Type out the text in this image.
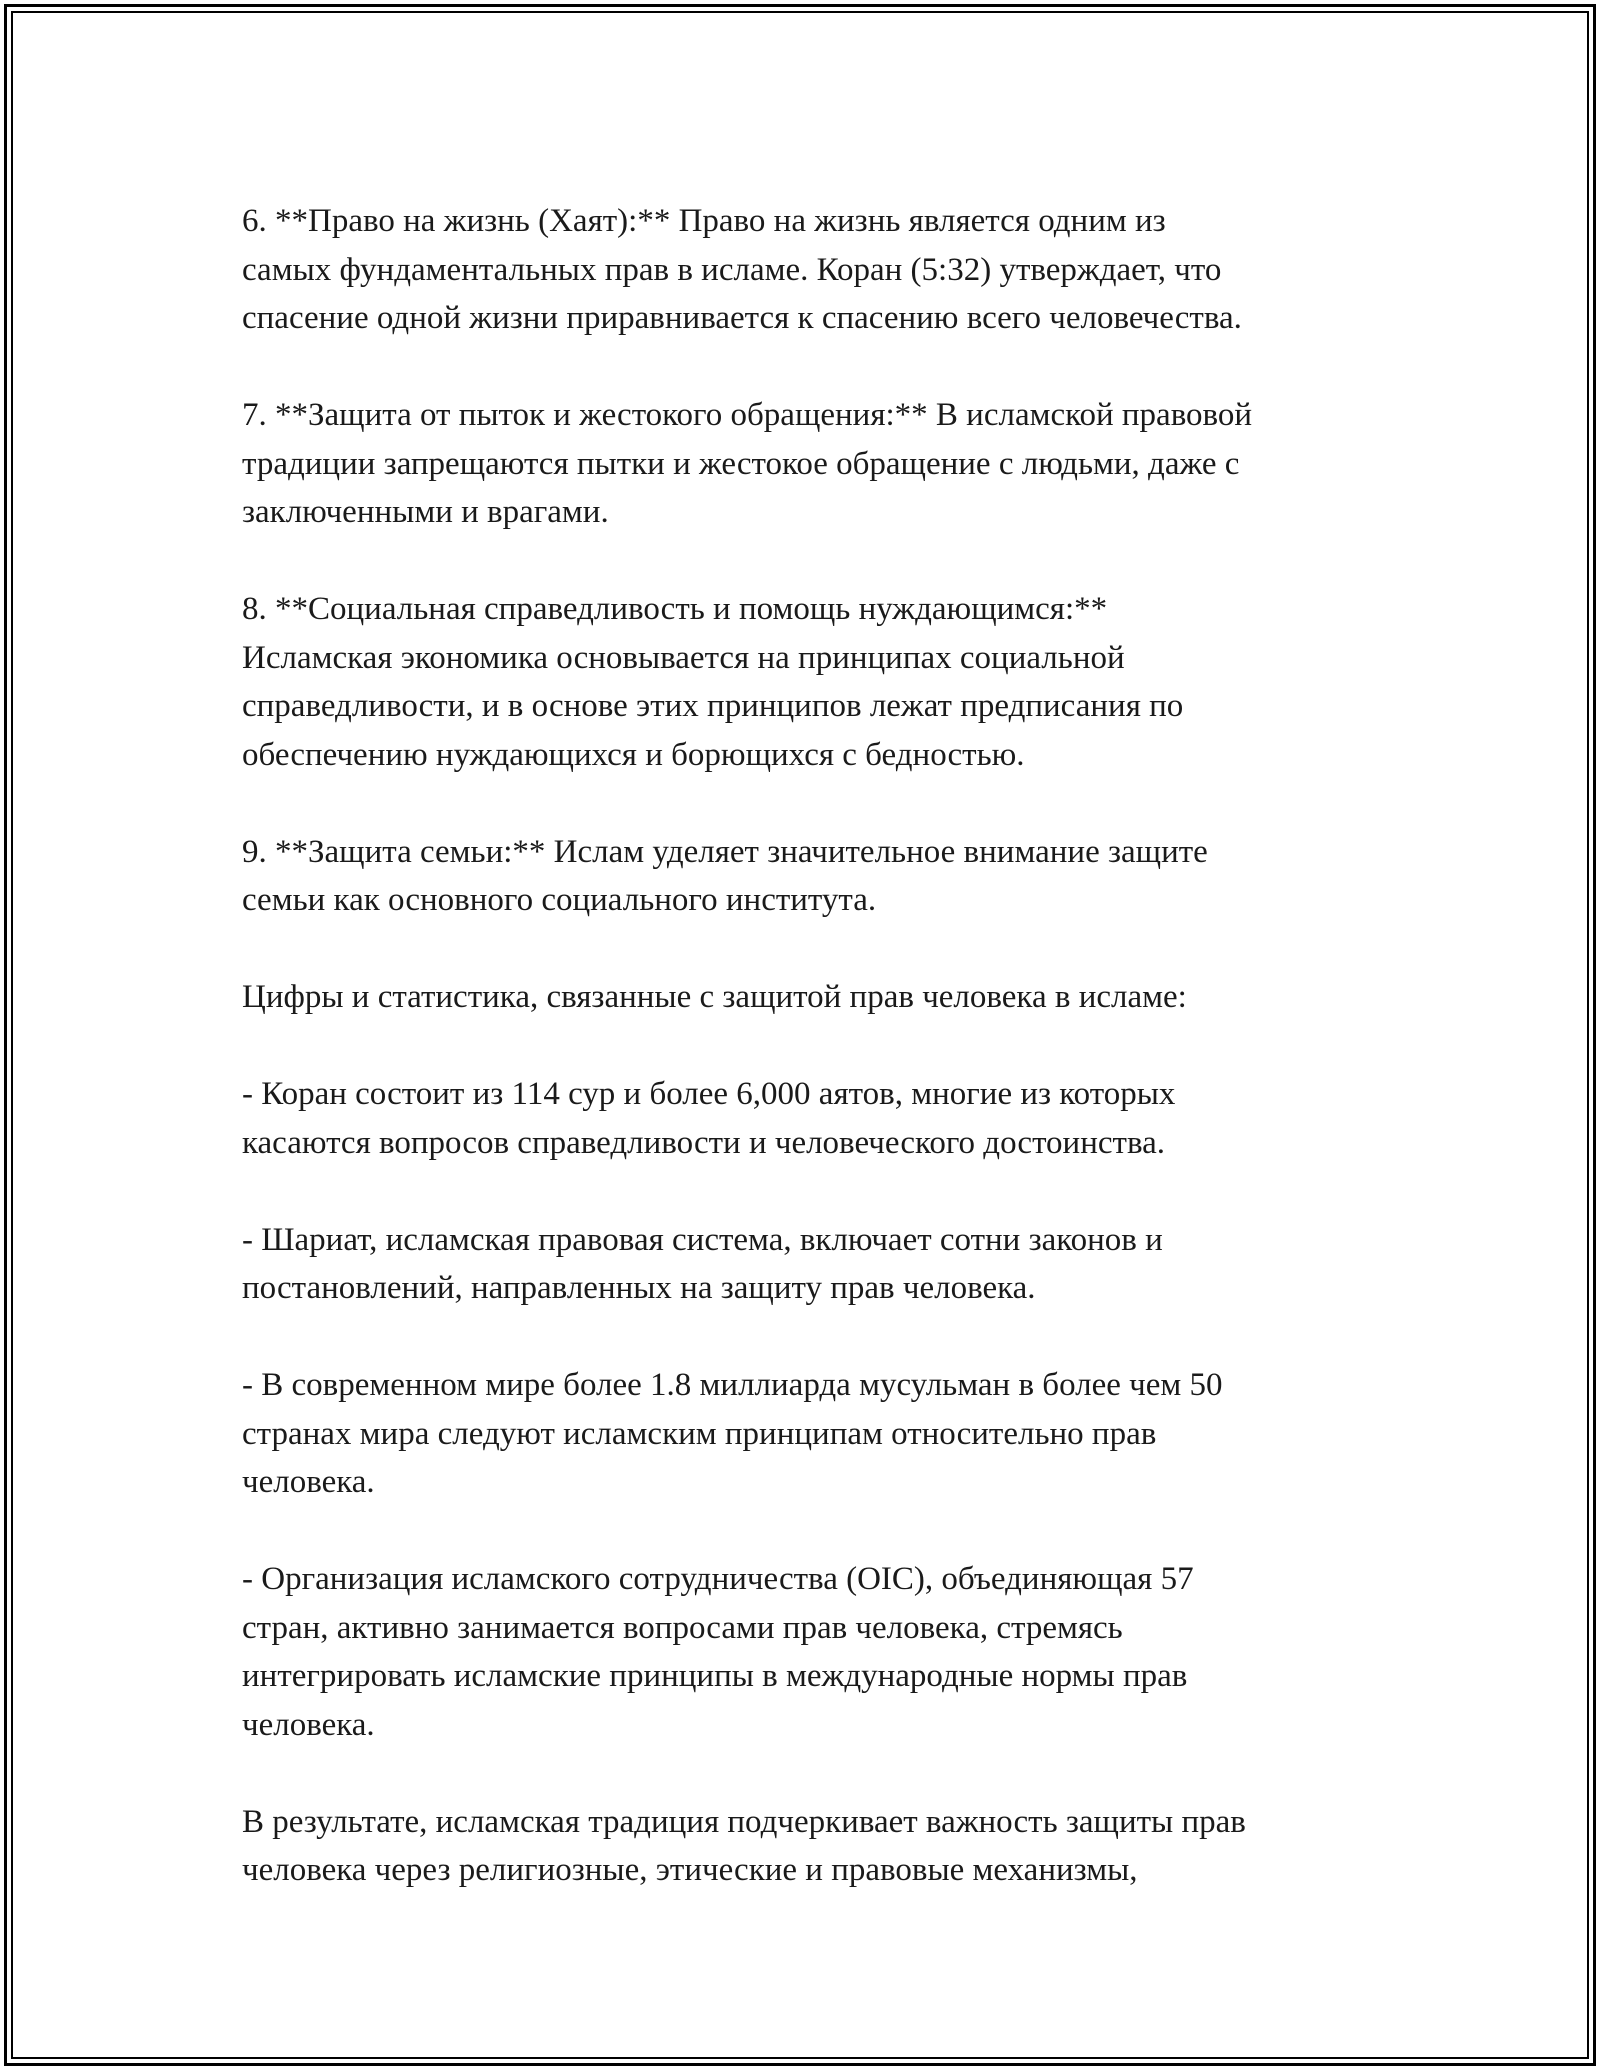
6. **Право на жизнь (Хаят):** Право на жизнь является одним из
самых фундаментальных прав в исламе. Коран (5:32) утверждает, что
спасение одной жизни приравнивается к спасению всего человечества.

7. **Защита от пыток и жестокого обращения:** В исламской правовой
традиции запрещаются пытки и жестокое обращение с людьми, даже с
заключенными и врагами.

8. **Социальная справедливость и помощь нуждающимся:**
Исламская экономика основывается на принципах социальной
справедливости, и в основе этих принципов лежат предписания по
обеспечению нуждающихся и борющихся с бедностью.

9. **Защита семьи:** Ислам уделяет значительное внимание защите
семьи как основного социального института.

Цифры и статистика, связанные с защитой прав человека в исламе:

- Коран состоит из 114 сур и более 6,000 аятов, многие из которых
касаются вопросов справедливости и человеческого достоинства.

- Шариат, исламская правовая система, включает сотни законов и
постановлений, направленных на защиту прав человека.

- В современном мире более 1.8 миллиарда мусульман в более чем 50
странах мира следуют исламским принципам относительно прав
человека.

- Организация исламского сотрудничества (OIC), объединяющая 57
стран, активно занимается вопросами прав человека, стремясь
интегрировать исламские принципы в международные нормы прав
человека.

В результате, исламская традиция подчеркивает важность защиты прав
человека через религиозные, этические и правовые механизмы,
